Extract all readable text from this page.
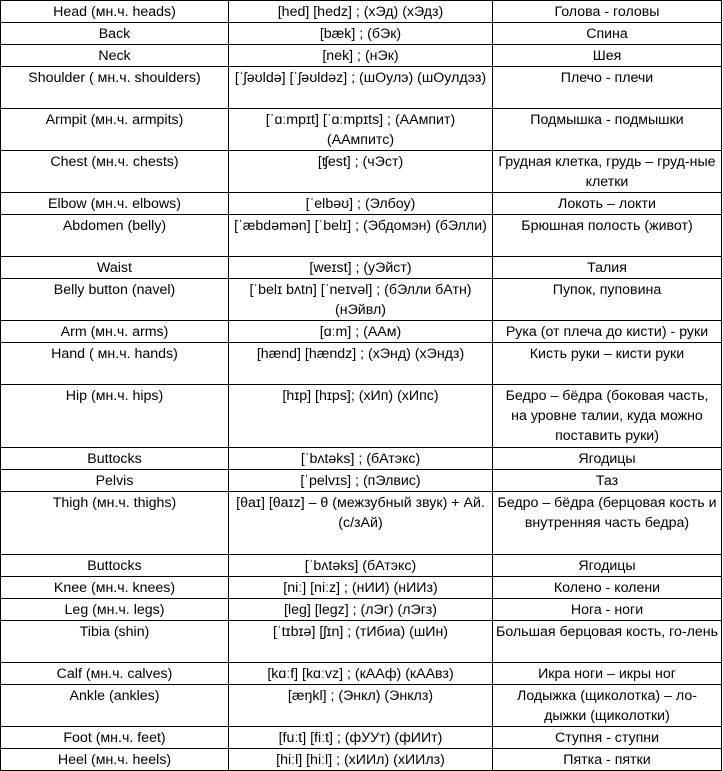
Head (мн.ч. heads)	[hed] [hedz] ; (хЭд) (хЭдз)	Голова - головы
Back	[bæk] ; (бЭк)	Спина
Neck	[nek] ; (нЭк)	Шея
Shoulder ( мн.ч. shoulders)	[ˈʃəʊldə] [ˈʃəʊldəz] ; (шОулэ) (шОулдэз)	Плечо - плечи
Armpit (мн.ч. armpits)	[ˈɑːmpɪt] [ˈɑːmpɪts] ; (ААмпит) (ААмпитс)	Подмышка - подмышки
Chest (мн.ч. chests)	[ʧest] ; (чЭст)	Грудная клетка, грудь – груд-ные клетки
Elbow (мн.ч. elbows)	[ˈelbəʊ] ; (Элбоу)	Локоть – локти
Abdomen (belly)	[ˈæbdəmən] [ˈbelɪ] ; (Эбдомэн) (бЭлли)	Брюшная полость (живот)
Waist	[weɪst] ; (уЭйст)	Талия
Belly button (navel)	[ˈbelɪ bʌtn] [ˈneɪvəl] ; (бЭлли бАтн) (нЭйвл)	Пупок, пуповина
Arm (мн.ч. arms)	[ɑːm] ; (ААм)	Рука (от плеча до кисти) - руки
Hand ( мн.ч. hands)	[hænd] [hændz] ; (хЭнд) (хЭндз)	Кисть руки – кисти руки
Hip (мн.ч. hips)	[hɪp] [hɪps]; (хИп) (хИпс)	Бедро – бёдра (боковая часть, на уровне талии, куда можно поставить руки)
Buttocks	[ˈbʌtəks] ; (бАтэкс)	Ягодицы
Pelvis	[ˈpelvɪs] ; (пЭлвис)	Таз
Thigh (мн.ч. thighs)	[θaɪ] [θaɪz] – θ (межзубный звук) + Ай. (с/зАй)	Бедро – бёдра (берцовая кость и внутренняя часть бедра)
Buttocks	[ˈbʌtəks] (бАтэкс)	Ягодицы
Knee (мн.ч. knees)	[niː] [niːz] ; (нИИ) (нИИз)	Колено - колени
Leg (мн.ч. legs)	[leg] [legz] ; (лЭг) (лЭгз)	Нога - ноги
Tibia (shin)	[ˈtɪbɪə] [ʃɪn] ; (тИбиа) (шИн)	Большая берцовая кость, го-лень
Calf (мн.ч. calves)	[kɑːf] [kɑːvz] ; (кААф) (кААвз)	Икра ноги – икры ног
Ankle (ankles)	[æŋkl] ; (Энкл) (Энклз)	Лодыжка (щиколотка) – ло-дыжки (щиколотки)
Foot (мн.ч. feet)	[fuːt] [fiːt] ; (фУУт) (фИИт)	Ступня - ступни
Heel (мн.ч. heels)	[hiːl] [hiːl] ; (хИИл) (хИИлз)	Пятка - пятки
